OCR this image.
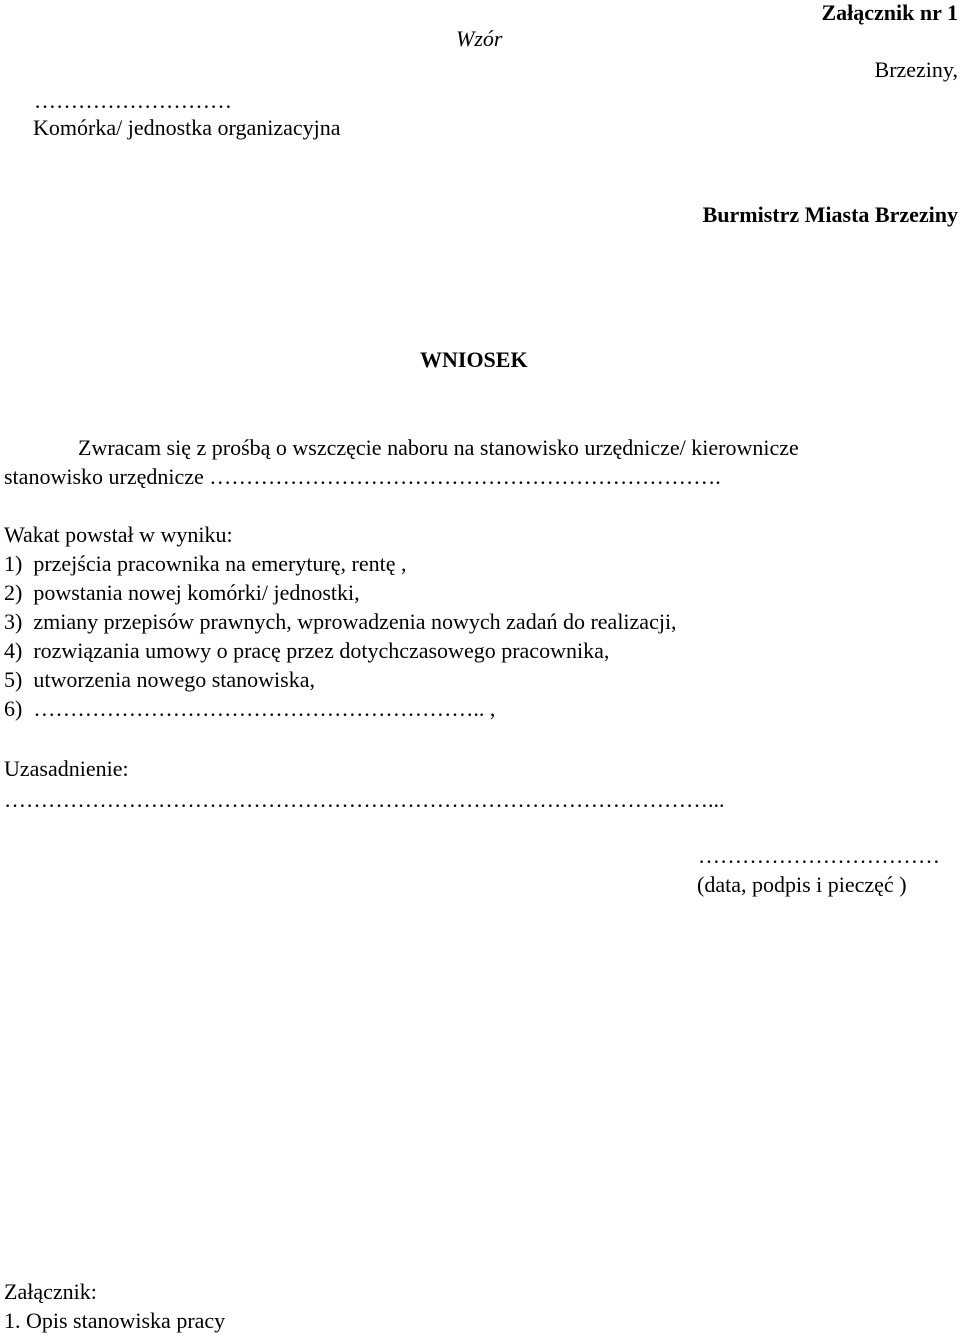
Wzór
Załącznik nr 1
Brzeziny,
………………………
Komórka/ jednostka organizacyjna
Burmistrz Miasta Brzeziny
WNIOSEK
Zwracam się z prośbą o wszczęcie naboru na stanowisko urzędnicze/ kierownicze
stanowisko urzędnicze …………………………………………………………….
Wakat powstał w wyniku:
1)  przejścia pracownika na emeryturę, rentę ,
2)  powstania nowej komórki/ jednostki,
3)  zmiany przepisów prawnych, wprowadzenia nowych zadań do realizacji,
4)  rozwiązania umowy o pracę przez dotychczasowego pracownika,
5)  utworzenia nowego stanowiska,
6)  …………………………………………………….. ,
Uzasadnienie:
……………………………………………………………………………………...
……………………………
(data, podpis i pieczęć )
Załącznik:
1. Opis stanowiska pracy
